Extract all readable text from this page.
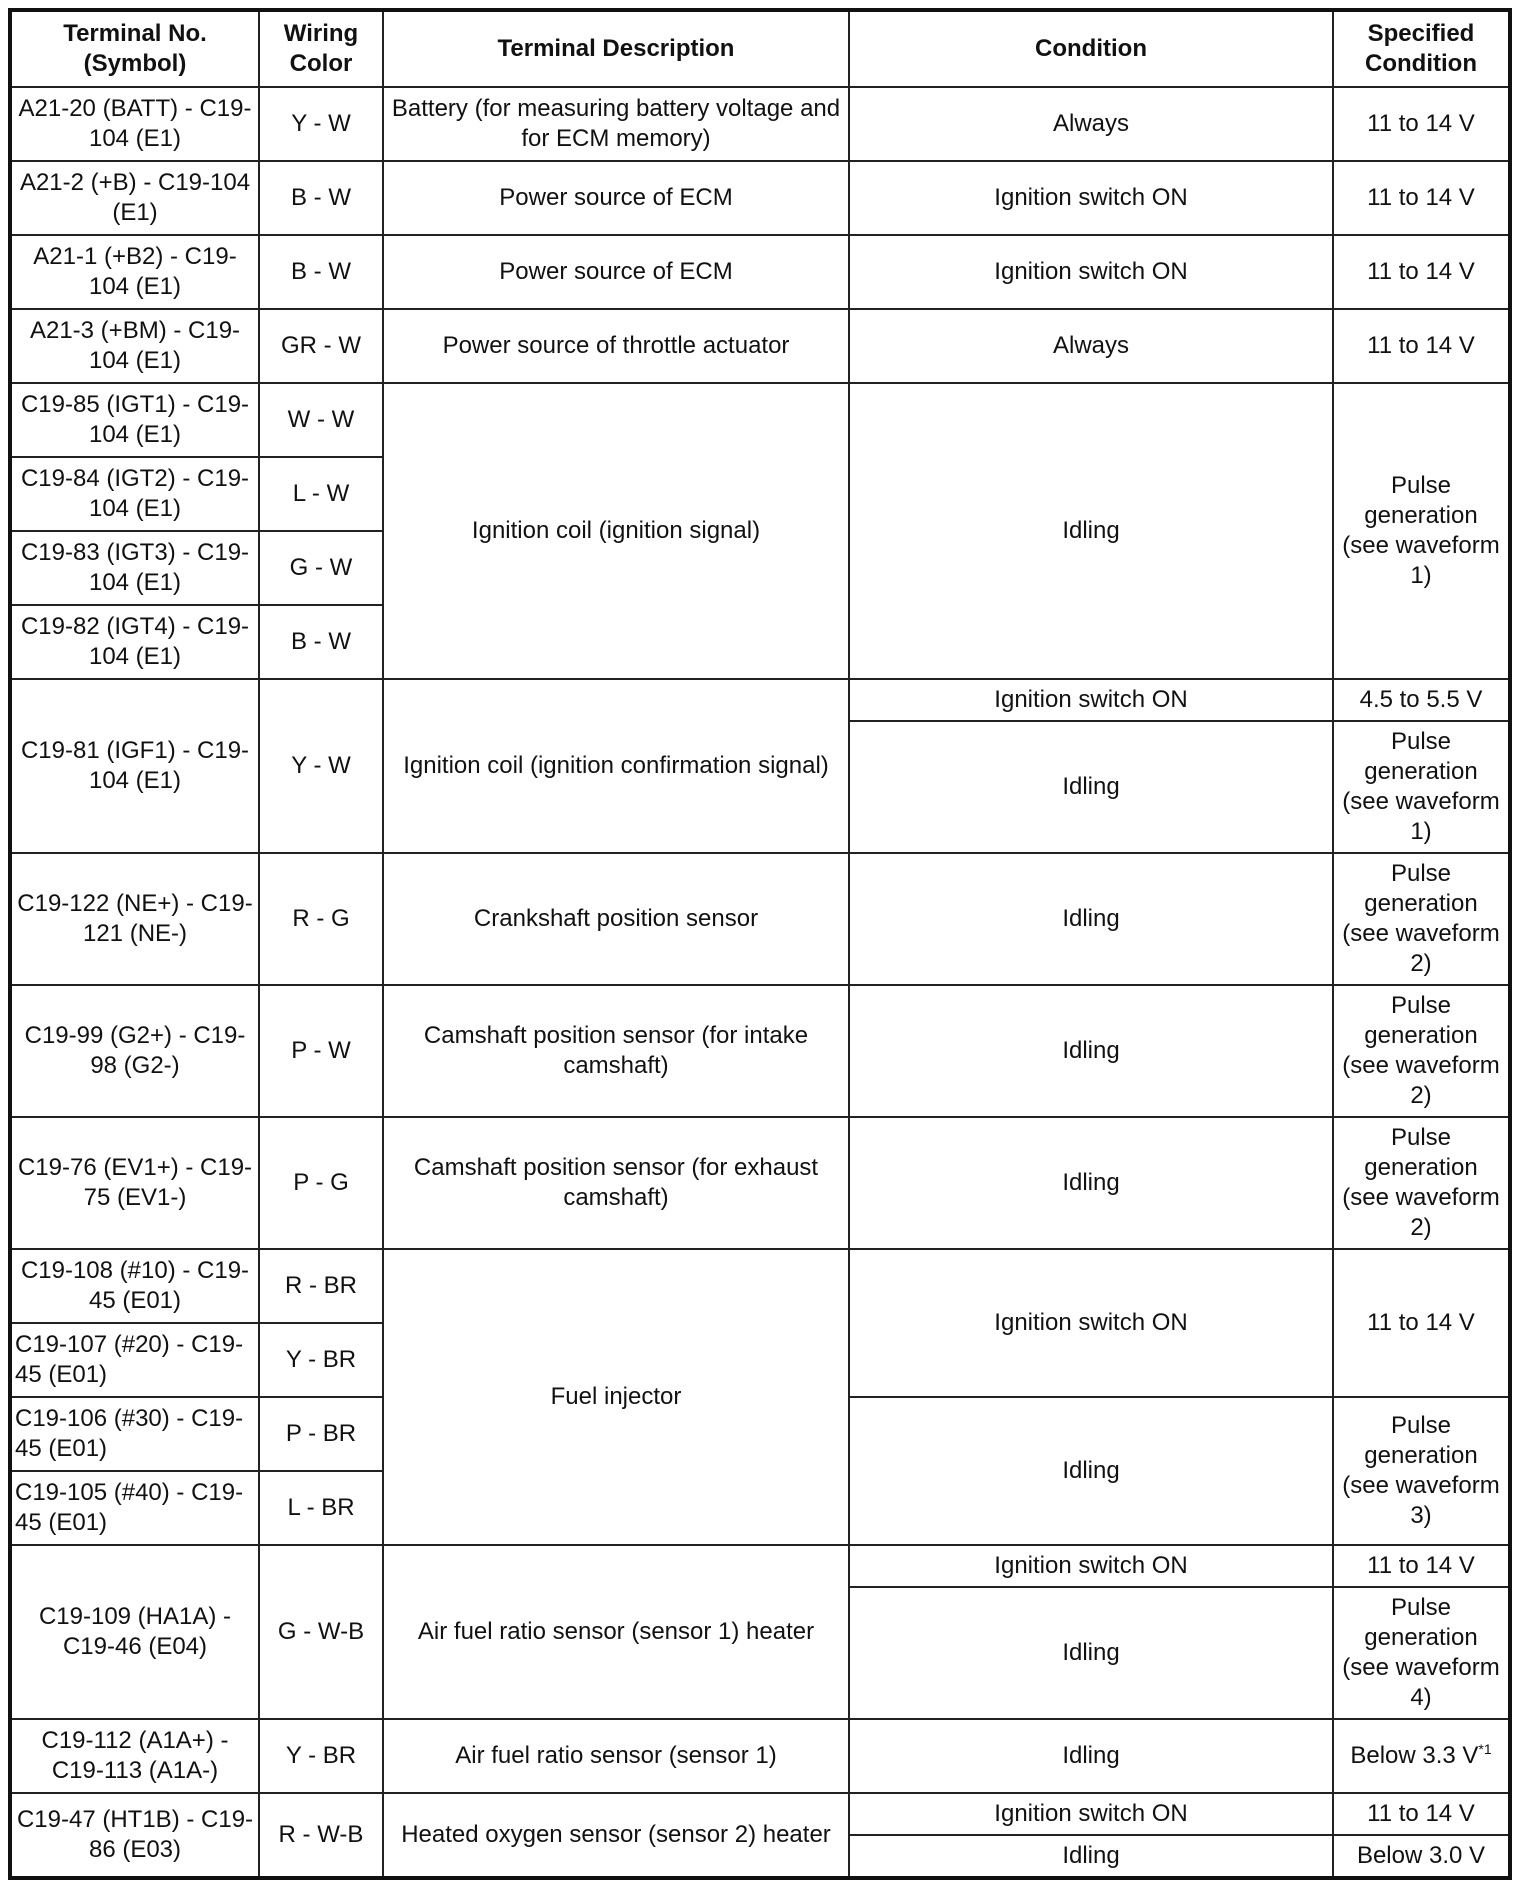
Terminal No. (Symbol)	Wiring Color	Terminal Description	Condition	Specified Condition
A21-20 (BATT) - C19-104 (E1)	Y - W	Battery (for measuring battery voltage and for ECM memory)	Always	11 to 14 V
A21-2 (+B) - C19-104 (E1)	B - W	Power source of ECM	Ignition switch ON	11 to 14 V
A21-1 (+B2) - C19-104 (E1)	B - W	Power source of ECM	Ignition switch ON	11 to 14 V
A21-3 (+BM) - C19-104 (E1)	GR - W	Power source of throttle actuator	Always	11 to 14 V
C19-85 (IGT1) - C19-104 (E1)	W - W	Ignition coil (ignition signal)	Idling	Pulse generation (see waveform 1)
C19-84 (IGT2) - C19-104 (E1)	L - W			
C19-83 (IGT3) - C19-104 (E1)	G - W			
C19-82 (IGT4) - C19-104 (E1)	B - W			
C19-81 (IGF1) - C19-104 (E1)	Y - W	Ignition coil (ignition confirmation signal)	Ignition switch ON	4.5 to 5.5 V
			Idling	Pulse generation (see waveform 1)
C19-122 (NE+) - C19-121 (NE-)	R - G	Crankshaft position sensor	Idling	Pulse generation (see waveform 2)
C19-99 (G2+) - C19-98 (G2-)	P - W	Camshaft position sensor (for intake camshaft)	Idling	Pulse generation (see waveform 2)
C19-76 (EV1+) - C19-75 (EV1-)	P - G	Camshaft position sensor (for exhaust camshaft)	Idling	Pulse generation (see waveform 2)
C19-108 (#10) - C19-45 (E01)	R - BR	Fuel injector	Ignition switch ON	11 to 14 V
C19-107 (#20) - C19-45 (E01)	Y - BR			
C19-106 (#30) - C19-45 (E01)	P - BR		Idling	Pulse generation (see waveform 3)
C19-105 (#40) - C19-45 (E01)	L - BR			
C19-109 (HA1A) - C19-46 (E04)	G - W-B	Air fuel ratio sensor (sensor 1) heater	Ignition switch ON	11 to 14 V
			Idling	Pulse generation (see waveform 4)
C19-112 (A1A+) - C19-113 (A1A-)	Y - BR	Air fuel ratio sensor (sensor 1)	Idling	Below 3.3 $V^{*1}$
C19-47 (HT1B) - C19-86 (E03)	R - W-B	Heated oxygen sensor (sensor 2) heater	Ignition switch ON	11 to 14 V
			Idling	Below 3.0 V
